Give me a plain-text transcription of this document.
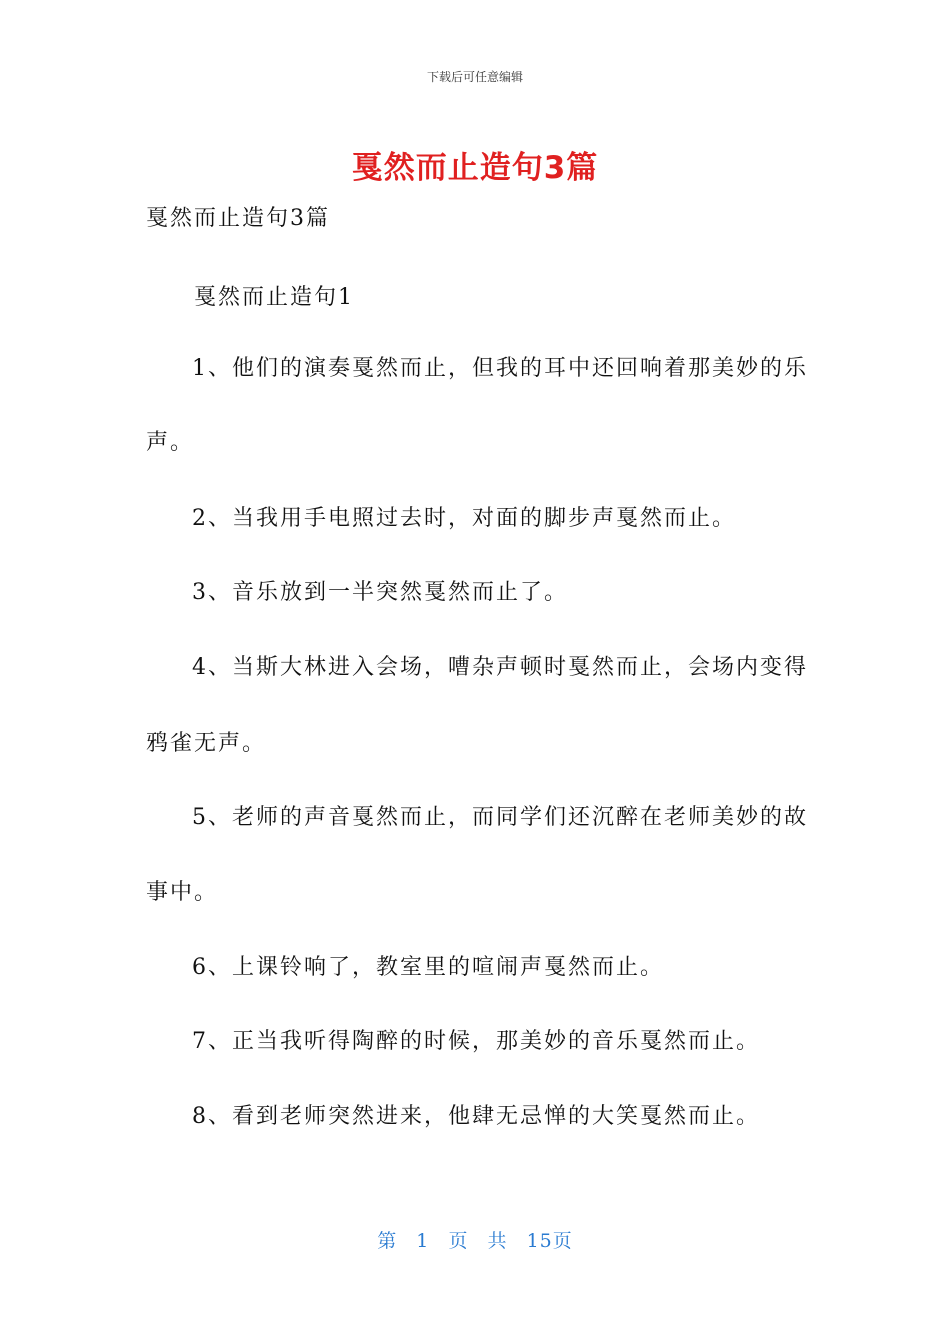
下载后可任意编辑
戛然而止造句3篇
戛然而止造句3篇
戛然而止造句1
1、他们的演奏戛然而止，但我的耳中还回响着那美妙的乐
声。
2、当我用手电照过去时，对面的脚步声戛然而止。
3、音乐放到一半突然戛然而止了。
4、当斯大林进入会场，嘈杂声顿时戛然而止，会场内变得
鸦雀无声。
5、老师的声音戛然而止，而同学们还沉醉在老师美妙的故
事中。
6、上课铃响了，教室里的喧闹声戛然而止。
7、正当我听得陶醉的时候，那美妙的音乐戛然而止。
8、看到老师突然进来，他肆无忌惮的大笑戛然而止。
第 1 页 共 15页
